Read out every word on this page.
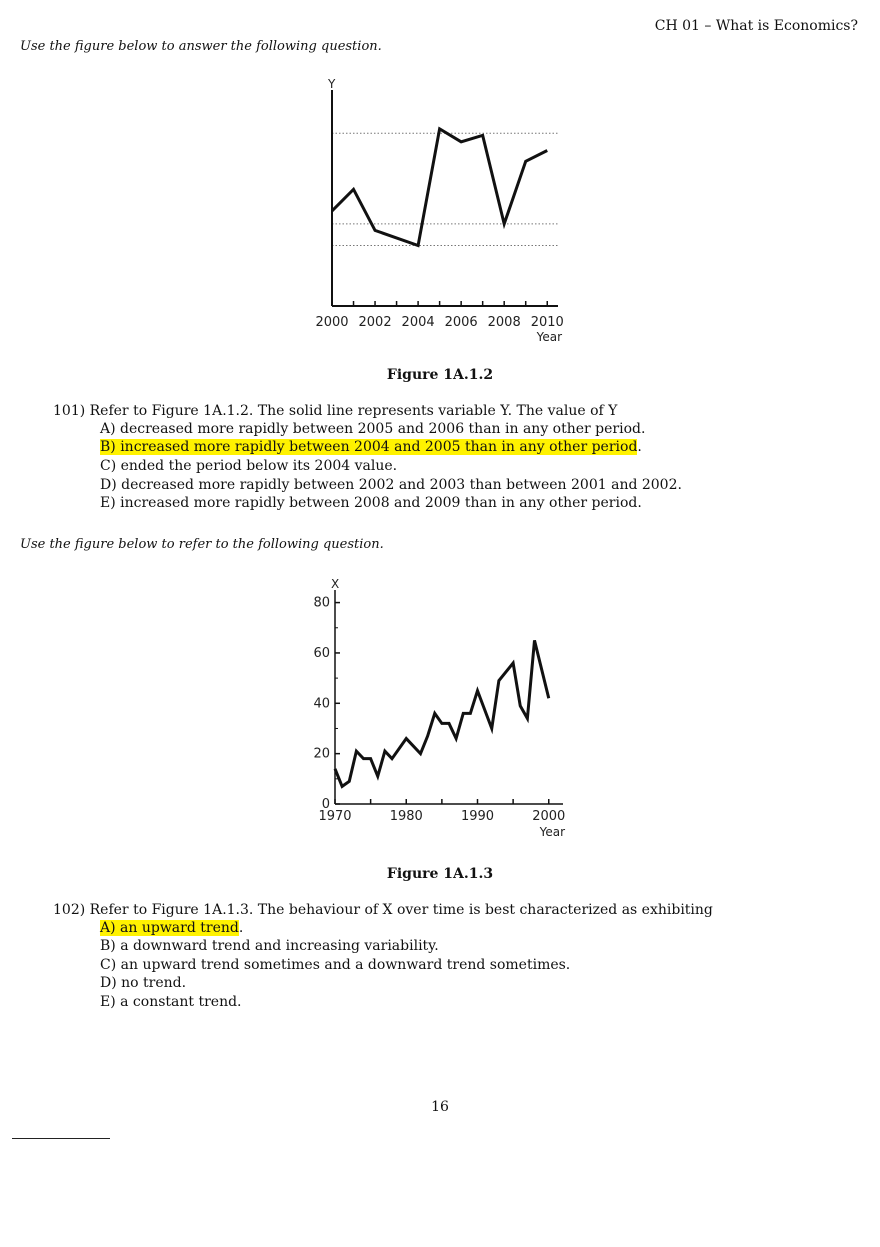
CH 01 – What is Economics?
Use the figure below to answer the following question.
2000 2002 2004 2006 2008 2010
Y
Year
Figure 1A.1.2
101) Refer to Figure 1A.1.2. The solid line represents variable Y. The value of Y
A) decreased more rapidly between 2005 and 2006 than in any other period.
B) increased more rapidly between 2004 and 2005 than in any other period.
C) ended the period below its 2004 value.
D) decreased more rapidly between 2002 and 2003 than between 2001 and 2002.
E) increased more rapidly between 2008 and 2009 than in any other period.
Use the figure below to refer to the following question.
0
20
40
60
80
1970	1980	1990	2000
X
Year
Figure 1A.1.3
102) Refer to Figure 1A.1.3. The behaviour of X over time is best characterized as exhibiting
A) an upward trend.
B) a downward trend and increasing variability.
C) an upward trend sometimes and a downward trend sometimes.
D) no trend.
E) a constant trend.
16
